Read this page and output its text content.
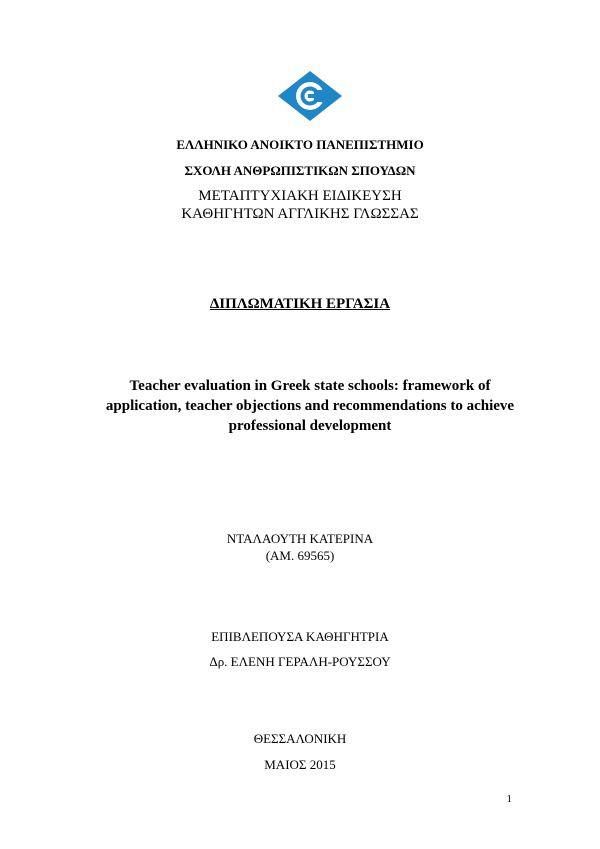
ΕΛΛΗΝΙΚΟ ΑΝΟΙΚΤΟ ΠΑΝΕΠΙΣΤΗΜΙΟ
ΣΧΟΛΗ ΑΝΘΡΩΠΙΣΤΙΚΩΝ ΣΠΟΥΔΩΝ
ΜΕΤΑΠΤΥΧΙΑΚΗ ΕΙΔΙΚΕΥΣΗ
ΚΑΘΗΓΗΤΩΝ ΑΓΓΛΙΚΗΣ ΓΛΩΣΣΑΣ
ΔΙΠΛΩΜΑΤΙΚΗ ΕΡΓΑΣΙΑ
Teacher evaluation in Greek state schools: framework of application, teacher objections and recommendations to achieve professional development
ΝΤΑΛΑΟΥΤΗ ΚΑΤΕΡΙΝΑ
(ΑΜ. 69565)
ΕΠΙΒΛΕΠΟΥΣΑ ΚΑΘΗΓΗΤΡΙΑ
Δρ. ΕΛΕΝΗ ΓΕΡΑΛΗ-ΡΟΥΣΣΟΥ
ΘΕΣΣΑΛΟΝΙΚΗ
ΜΑΙΟΣ 2015
1
